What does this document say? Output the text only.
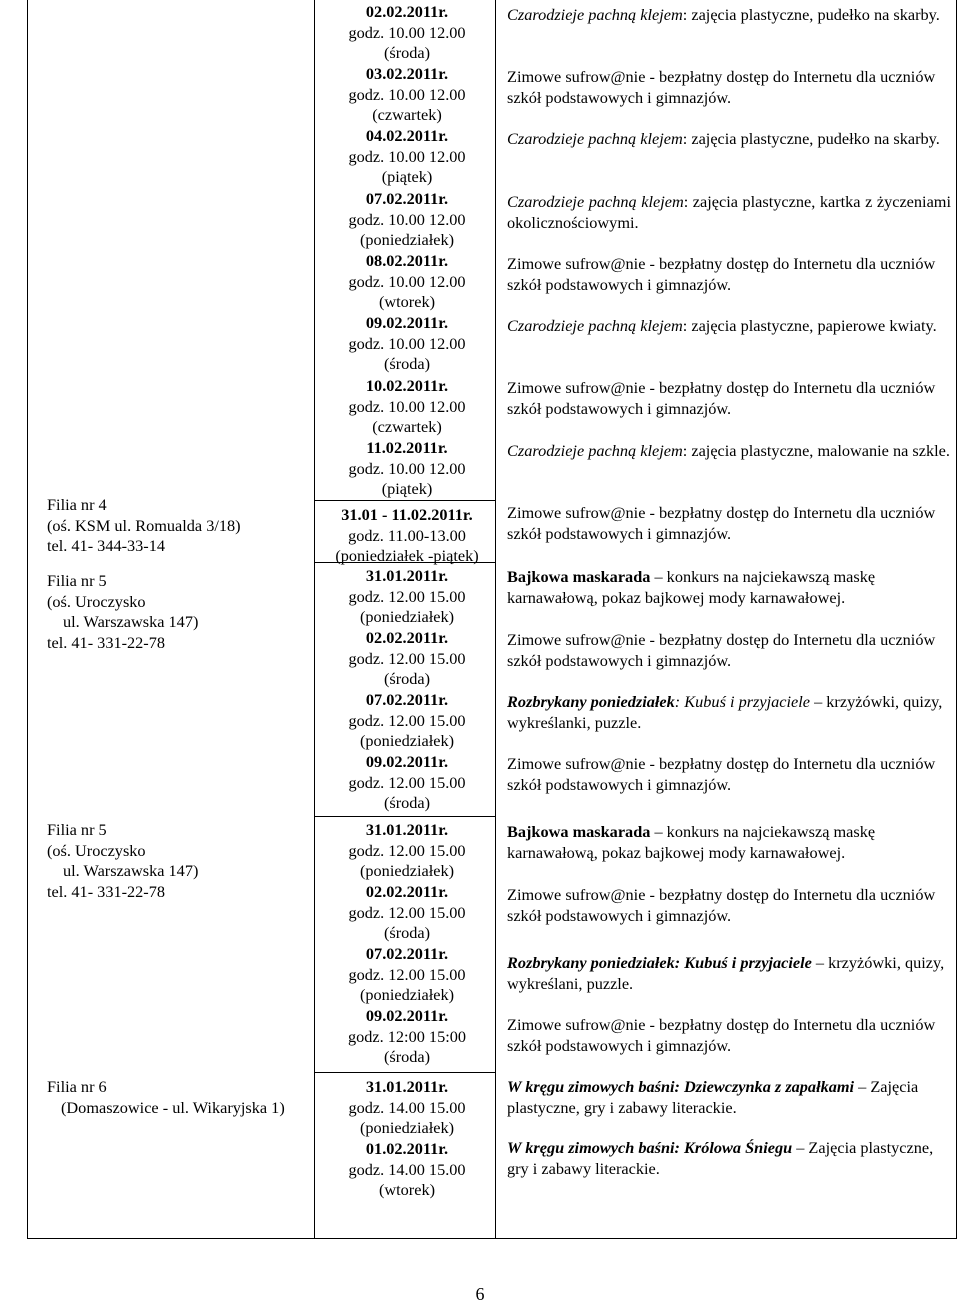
Filia nr 4
(oś. KSM ul. Romualda 3/18)
tel. 41- 344-33-14
Filia nr 5
(oś. Uroczysko
ul. Warszawska 147)
tel. 41- 331-22-78
Filia nr 5
(oś. Uroczysko
ul. Warszawska 147)
tel. 41- 331-22-78
Filia nr 6
(Domaszowice - ul. Wikaryjska 1)
02.02.2011r.
godz. 10.00 12.00
(środa)
03.02.2011r.
godz. 10.00 12.00
(czwartek)
04.02.2011r.
godz. 10.00 12.00
(piątek)
07.02.2011r.
godz. 10.00 12.00
(poniedziałek)
08.02.2011r.
godz. 10.00 12.00
(wtorek)
09.02.2011r.
godz. 10.00 12.00
(środa)
10.02.2011r.
godz. 10.00 12.00
(czwartek)
11.02.2011r.
godz. 10.00 12.00
(piątek)
31.01 - 11.02.2011r.
godz. 11.00-13.00
(poniedziałek -piątek)
31.01.2011r.
godz. 12.00 15.00
(poniedziałek)
02.02.2011r.
godz. 12.00 15.00
(środa)
07.02.2011r.
godz. 12.00 15.00
(poniedziałek)
09.02.2011r.
godz. 12.00 15.00
(środa)
31.01.2011r.
godz. 12.00 15.00
(poniedziałek)
02.02.2011r.
godz. 12.00 15.00
(środa)
07.02.2011r.
godz. 12.00 15.00
(poniedziałek)
09.02.2011r.
godz. 12:00 15:00
(środa)
31.01.2011r.
godz. 14.00 15.00
(poniedziałek)
01.02.2011r.
godz. 14.00 15.00
(wtorek)

Czarodzieje pachną klejem: zajęcia plastyczne, pudełko na skarby.

Zimowe sufrow@nie - bezpłatny dostęp do Internetu dla uczniów szkół podstawowych i gimnazjów.

Czarodzieje pachną klejem: zajęcia plastyczne, pudełko na skarby.

Czarodzieje pachną klejem: zajęcia plastyczne, kartka z życzeniami okolicznościowymi.

Zimowe sufrow@nie - bezpłatny dostęp do Internetu dla uczniów szkół podstawowych i gimnazjów.

Czarodzieje pachną klejem: zajęcia plastyczne, papierowe kwiaty.

Zimowe sufrow@nie - bezpłatny dostęp do Internetu dla uczniów szkół podstawowych i gimnazjów.

Czarodzieje pachną klejem: zajęcia plastyczne, malowanie na szkle.

Zimowe sufrow@nie - bezpłatny dostęp do Internetu dla uczniów szkół podstawowych i gimnazjów.

Bajkowa maskarada – konkurs na najciekawszą maskę karnawałową, pokaz bajkowej mody karnawałowej.

Zimowe sufrow@nie - bezpłatny dostęp do Internetu dla uczniów szkół podstawowych i gimnazjów.

Rozbrykany poniedziałek: Kubuś i przyjaciele – krzyżówki, quizy, wykreślanki, puzzle.

Zimowe sufrow@nie - bezpłatny dostęp do Internetu dla uczniów szkół podstawowych i gimnazjów.

Bajkowa maskarada – konkurs na najciekawszą maskę karnawałową, pokaz bajkowej mody karnawałowej.

Zimowe sufrow@nie - bezpłatny dostęp do Internetu dla uczniów szkół podstawowych i gimnazjów.

Rozbrykany poniedziałek: Kubuś i przyjaciele – krzyżówki, quizy, wykreślani, puzzle.

Zimowe sufrow@nie - bezpłatny dostęp do Internetu dla uczniów szkół podstawowych i gimnazjów.

W kręgu zimowych baśni: Dziewczynka z zapałkami – Zajęcia plastyczne, gry i zabawy literackie.

W kręgu zimowych baśni: Królowa Śniegu – Zajęcia plastyczne, gry i zabawy literackie.

6
